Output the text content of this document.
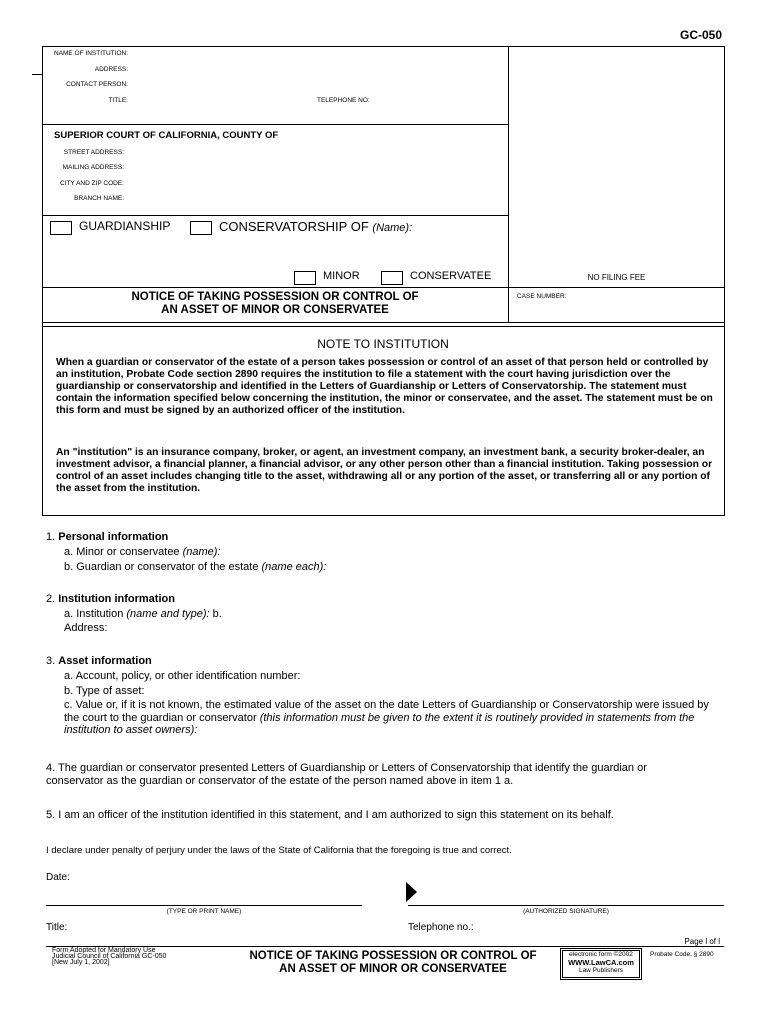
GC-050
NAME OF INSTITUTION:
ADDRESS:
CONTACT PERSON:
TITLE:	TELEPHONE NO:
SUPERIOR COURT OF CALIFORNIA, COUNTY OF
STREET ADDRESS:
MAILING ADDRESS:
CITY AND ZIP CODE:
BRANCH NAME:
GUARDIANSHIP	CONSERVATORSHIP OF (Name):
MINOR	CONSERVATEE	NO FILING FEE
NOTICE OF TAKING POSSESSION OR CONTROL OF
AN ASSET OF MINOR OR CONSERVATEE
CASE NUMBER:
NOTE TO INSTITUTION
When a guardian or conservator of the estate of a person takes possession or control of an asset of that person held or controlled by an institution, Probate Code section 2890 requires the institution to file a statement with the court having jurisdiction over the guardianship or conservatorship and identified in the Letters of Guardianship or Letters of Conservatorship. The statement must contain the information specified below concerning the institution, the minor or conservatee, and the asset. The statement must be on this form and must be signed by an authorized officer of the institution.
An "institution" is an insurance company, broker, or agent, an investment company, an investment bank, a security broker-dealer, an investment advisor, a financial planner, a financial advisor, or any other person other than a financial institution. Taking possession or control of an asset includes changing title to the asset, withdrawing all or any portion of the asset, or transferring all or any portion of the asset from the institution.
1. Personal information
a. Minor or conservatee (name):
b. Guardian or conservator of the estate (name each):
2. Institution information
a. Institution (name and type): b.
Address:
3. Asset information
a. Account, policy, or other identification number:
b. Type of asset:
c. Value or, if it is not known, the estimated value of the asset on the date Letters of Guardianship or Conservatorship were issued by
the court to the guardian or conservator (this information must be given to the extent it is routinely provided in statements from the
institution to asset owners):
4. The guardian or conservator presented Letters of Guardianship or Letters of Conservatorship that identify the guardian or conservator as the guardian or conservator of the estate of the person named above in item 1 a.
5. I am an officer of the institution identified in this statement, and I am authorized to sign this statement on its behalf.
I declare under penalty of perjury under the laws of the State of California that the foregoing is true and correct.
Date:
(TYPE OR PRINT NAME)	(AUTHORIZED SIGNATURE)
Title:	Telephone no.:
Page l of l
Form Adopted for Mandatory Use
Judicial Council of California GC-050
[New July 1, 2002]
NOTICE OF TAKING POSSESSION OR CONTROL OF
AN ASSET OF MINOR OR CONSERVATEE
electronic form ©2002
WWW.LawCA.com
Law Publishers
Probate Code, § 2890
